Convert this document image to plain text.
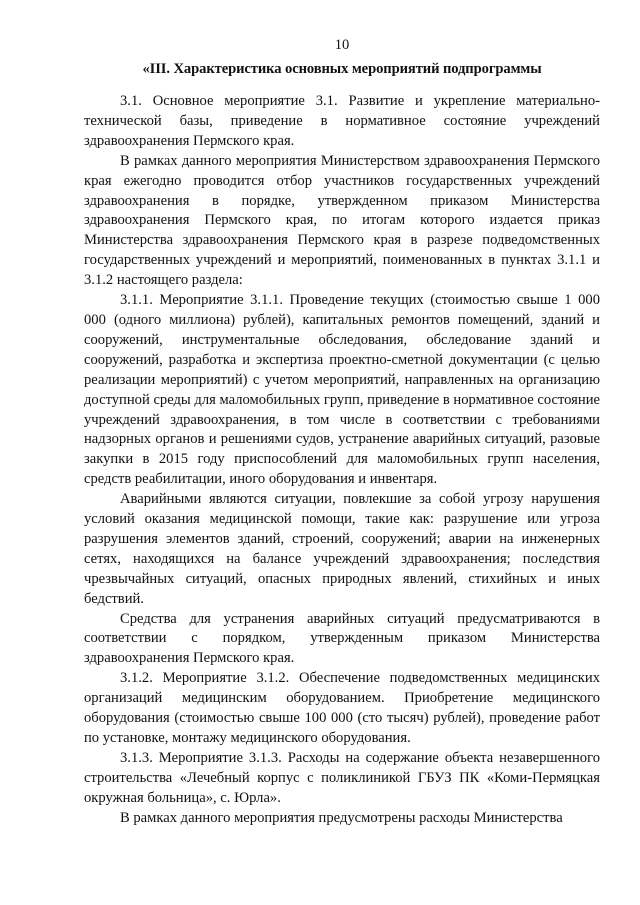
10
«III. Характеристика основных мероприятий подпрограммы

3.1. Основное мероприятие 3.1. Развитие и укрепление материально-технической базы, приведение в нормативное состояние учреждений здравоохранения Пермского края.

В рамках данного мероприятия Министерством здравоохранения Пермского края ежегодно проводится отбор участников государственных учреждений здравоохранения в порядке, утвержденном приказом Министерства здравоохранения Пермского края, по итогам которого издается приказ Министерства здравоохранения Пермского края в разрезе подведомственных государственных учреждений и мероприятий, поименованных в пунктах 3.1.1 и 3.1.2 настоящего раздела:

3.1.1. Мероприятие 3.1.1. Проведение текущих (стоимостью свыше 1 000 000 (одного миллиона) рублей), капитальных ремонтов помещений, зданий и сооружений, инструментальные обследования, обследование зданий и сооружений, разработка и экспертиза проектно-сметной документации (с целью реализации мероприятий) с учетом мероприятий, направленных на организацию доступной среды для маломобильных групп, приведение в нормативное состояние учреждений здравоохранения, в том числе в соответствии с требованиями надзорных органов и решениями судов, устранение аварийных ситуаций, разовые закупки в 2015 году приспособлений для маломобильных групп населения, средств реабилитации, иного оборудования и инвентаря.

Аварийными являются ситуации, повлекшие за собой угрозу нарушения условий оказания медицинской помощи, такие как: разрушение или угроза разрушения элементов зданий, строений, сооружений; аварии на инженерных сетях, находящихся на балансе учреждений здравоохранения; последствия чрезвычайных ситуаций, опасных природных явлений, стихийных и иных бедствий.

Средства для устранения аварийных ситуаций предусматриваются в соответствии с порядком, утвержденным приказом Министерства здравоохранения Пермского края.

3.1.2. Мероприятие 3.1.2. Обеспечение подведомственных медицинских организаций медицинским оборудованием. Приобретение медицинского оборудования (стоимостью свыше 100 000 (сто тысяч) рублей), проведение работ по установке, монтажу медицинского оборудования.

3.1.3. Мероприятие 3.1.3. Расходы на содержание объекта незавершенного строительства «Лечебный корпус с поликлиникой ГБУЗ ПК «Коми-Пермяцкая окружная больница», с. Юрла».

В рамках данного мероприятия предусмотрены расходы Министерства
